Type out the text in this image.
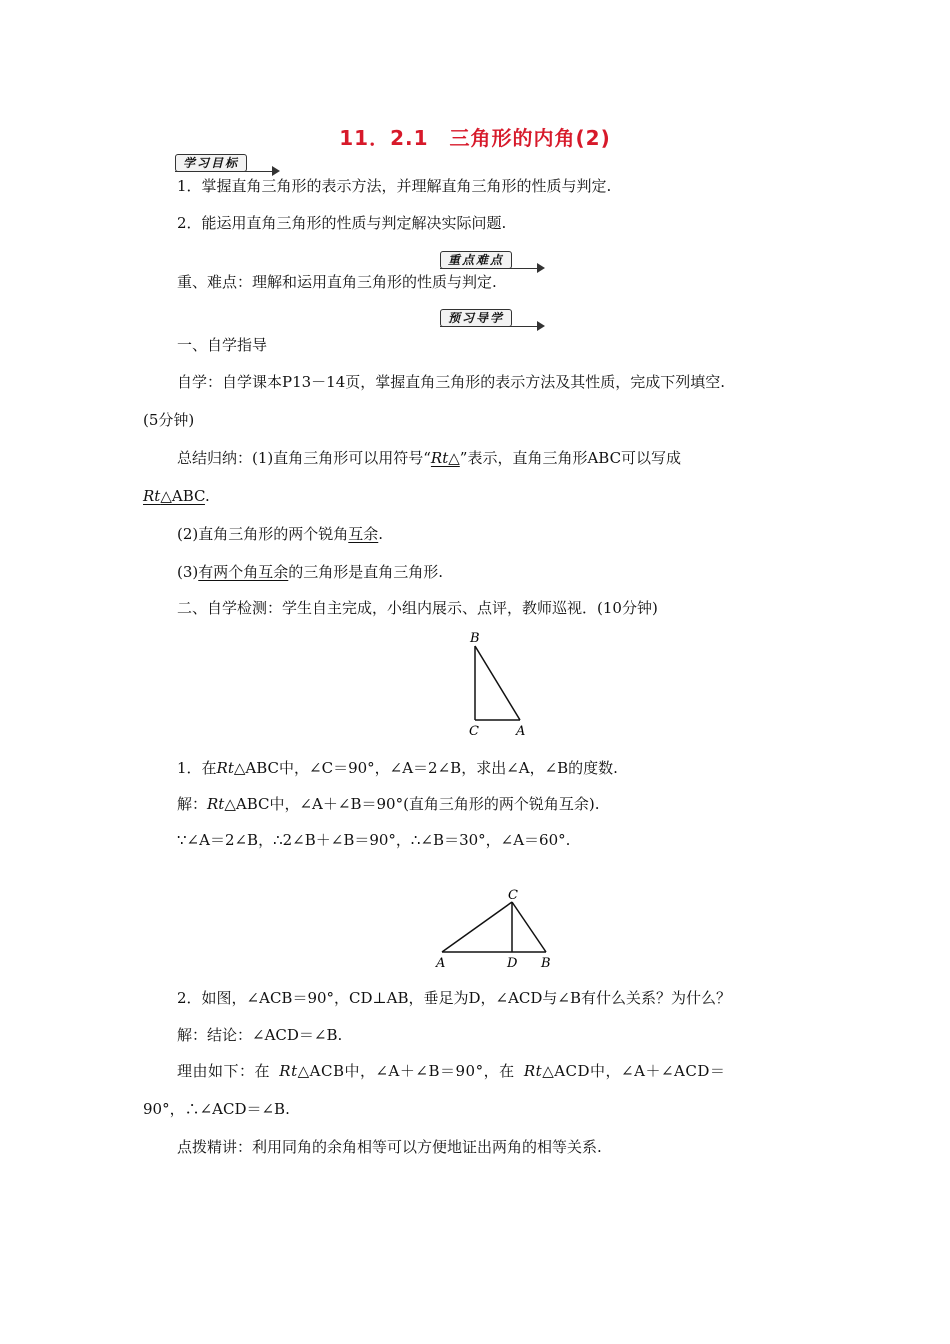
11．2.1　三角形的内角(2)
学习目标
1．掌握直角三角形的表示方法，并理解直角三角形的性质与判定.
2．能运用直角三角形的性质与判定解决实际问题.
重点难点
重、难点：理解和运用直角三角形的性质与判定.
预习导学
一、自学指导
自学：自学课本P13－14页，掌握直角三角形的表示方法及其性质，完成下列填空.
(5分钟)
总结归纳：(1)直角三角形可以用符号“Rt△”表示，直角三角形ABC可以写成
Rt△ABC.
(2)直角三角形的两个锐角互余.
(3)有两个角互余的三角形是直角三角形.
二、自学检测：学生自主完成，小组内展示、点评，教师巡视．(10分钟)
B
C	A
1．在Rt△ABC中，∠C＝90°，∠A＝2∠B，求出∠A，∠B的度数.
解：Rt△ABC中，∠A＋∠B＝90°(直角三角形的两个锐角互余).
∵∠A＝2∠B，∴2∠B＋∠B＝90°，∴∠B＝30°，∠A＝60°.
C
A	D B
2．如图，∠ACB＝90°，CD⊥AB，垂足为D，∠ACD与∠B有什么关系？为什么？
解：结论：∠ACD＝∠B.
理由如下：在 Rt△ACB中，∠A＋∠B＝90°，在 Rt△ACD中，∠A＋∠ACD＝
90°，∴∠ACD＝∠B.
点拨精讲：利用同角的余角相等可以方便地证出两角的相等关系.
